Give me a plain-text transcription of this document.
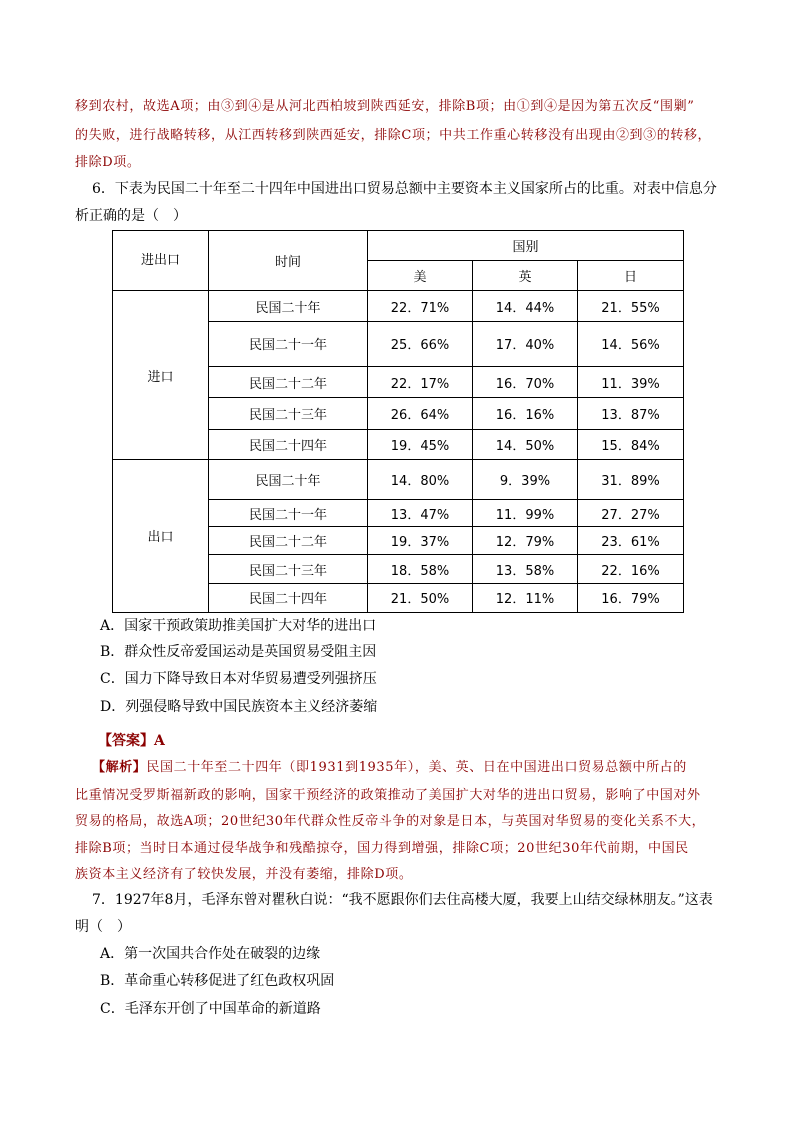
移到农村，故选A项；由③到④是从河北西柏坡到陕西延安，排除B项；由①到④是因为第五次反“围剿”
的失败，进行战略转移，从江西转移到陕西延安，排除C项；中共工作重心转移没有出现由②到③的转移，
排除D项。
6．下表为民国二十年至二十四年中国进出口贸易总额中主要资本主义国家所占的比重。对表中信息分
析正确的是（　）
进出口	时间	国别		
		美	英	日
进口	民国二十年	22．71%	14．44%	21．55%
	民国二十一年	25．66%	17．40%	14．56%
	民国二十二年	22．17%	16．70%	11．39%
	民国二十三年	26．64%	16．16%	13．87%
	民国二十四年	19．45%	14．50%	15．84%
出口	民国二十年	14．80%	9．39%	31．89%
	民国二十一年	13．47%	11．99%	27．27%
	民国二十二年	19．37%	12．79%	23．61%
	民国二十三年	18．58%	13．58%	22．16%
	民国二十四年	21．50%	12．11%	16．79%
A．国家干预政策助推美国扩大对华的进出口
B．群众性反帝爱国运动是英国贸易受阻主因
C．国力下降导致日本对华贸易遭受列强挤压
D．列强侵略导致中国民族资本主义经济萎缩
【答案】A
【解析】民国二十年至二十四年（即1931到1935年），美、英、日在中国进出口贸易总额中所占的
比重情况受罗斯福新政的影响，国家干预经济的政策推动了美国扩大对华的进出口贸易，影响了中国对外
贸易的格局，故选A项；20世纪30年代群众性反帝斗争的对象是日本，与英国对华贸易的变化关系不大，
排除B项；当时日本通过侵华战争和残酷掠夺，国力得到增强，排除C项；20世纪30年代前期，中国民
族资本主义经济有了较快发展，并没有萎缩，排除D项。
7．1927年8月，毛泽东曾对瞿秋白说：“我不愿跟你们去住高楼大厦，我要上山结交绿林朋友。”这表
明（　）
A．第一次国共合作处在破裂的边缘
B．革命重心转移促进了红色政权巩固
C．毛泽东开创了中国革命的新道路
